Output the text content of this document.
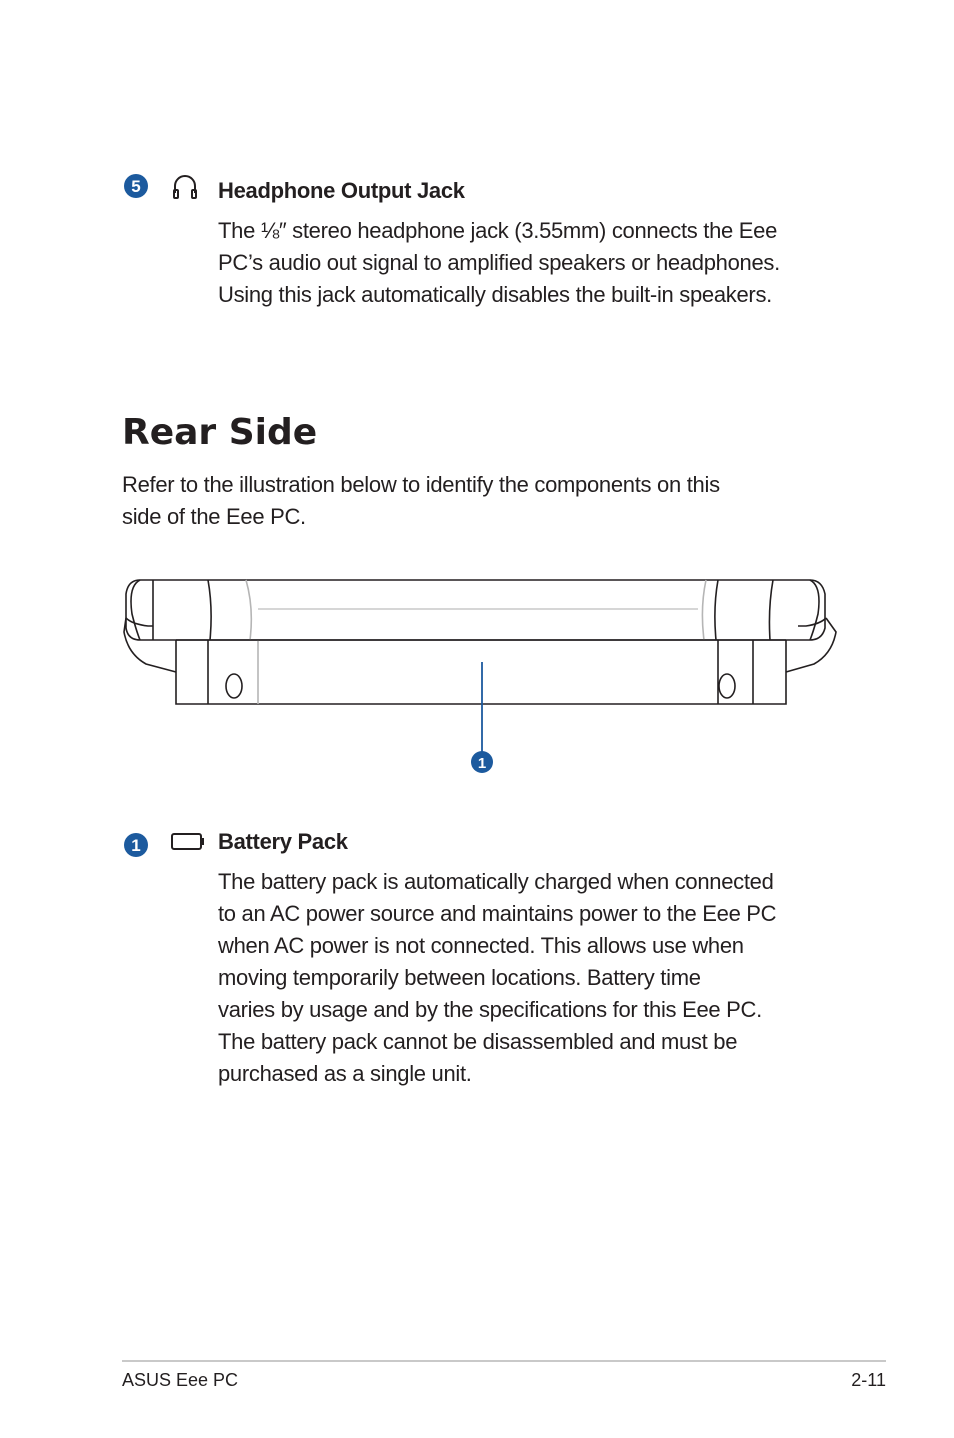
5	Headphone Output Jack
The ⅛″ stereo headphone jack (3.55mm) connects the Eee
PC’s audio out signal to amplified speakers or headphones.
Using this jack automatically disables the built-in speakers.
Rear Side
Refer to the illustration below to identify the components on this
side of the Eee PC.
1
1	Battery Pack
The battery pack is automatically charged when connected
to an AC power source and maintains power to the Eee PC
when AC power is not connected. This allows use when
moving temporarily between locations. Battery time
varies by usage and by the specifications for this Eee PC.
The battery pack cannot be disassembled and must be
purchased as a single unit.
ASUS Eee PC	2-11
